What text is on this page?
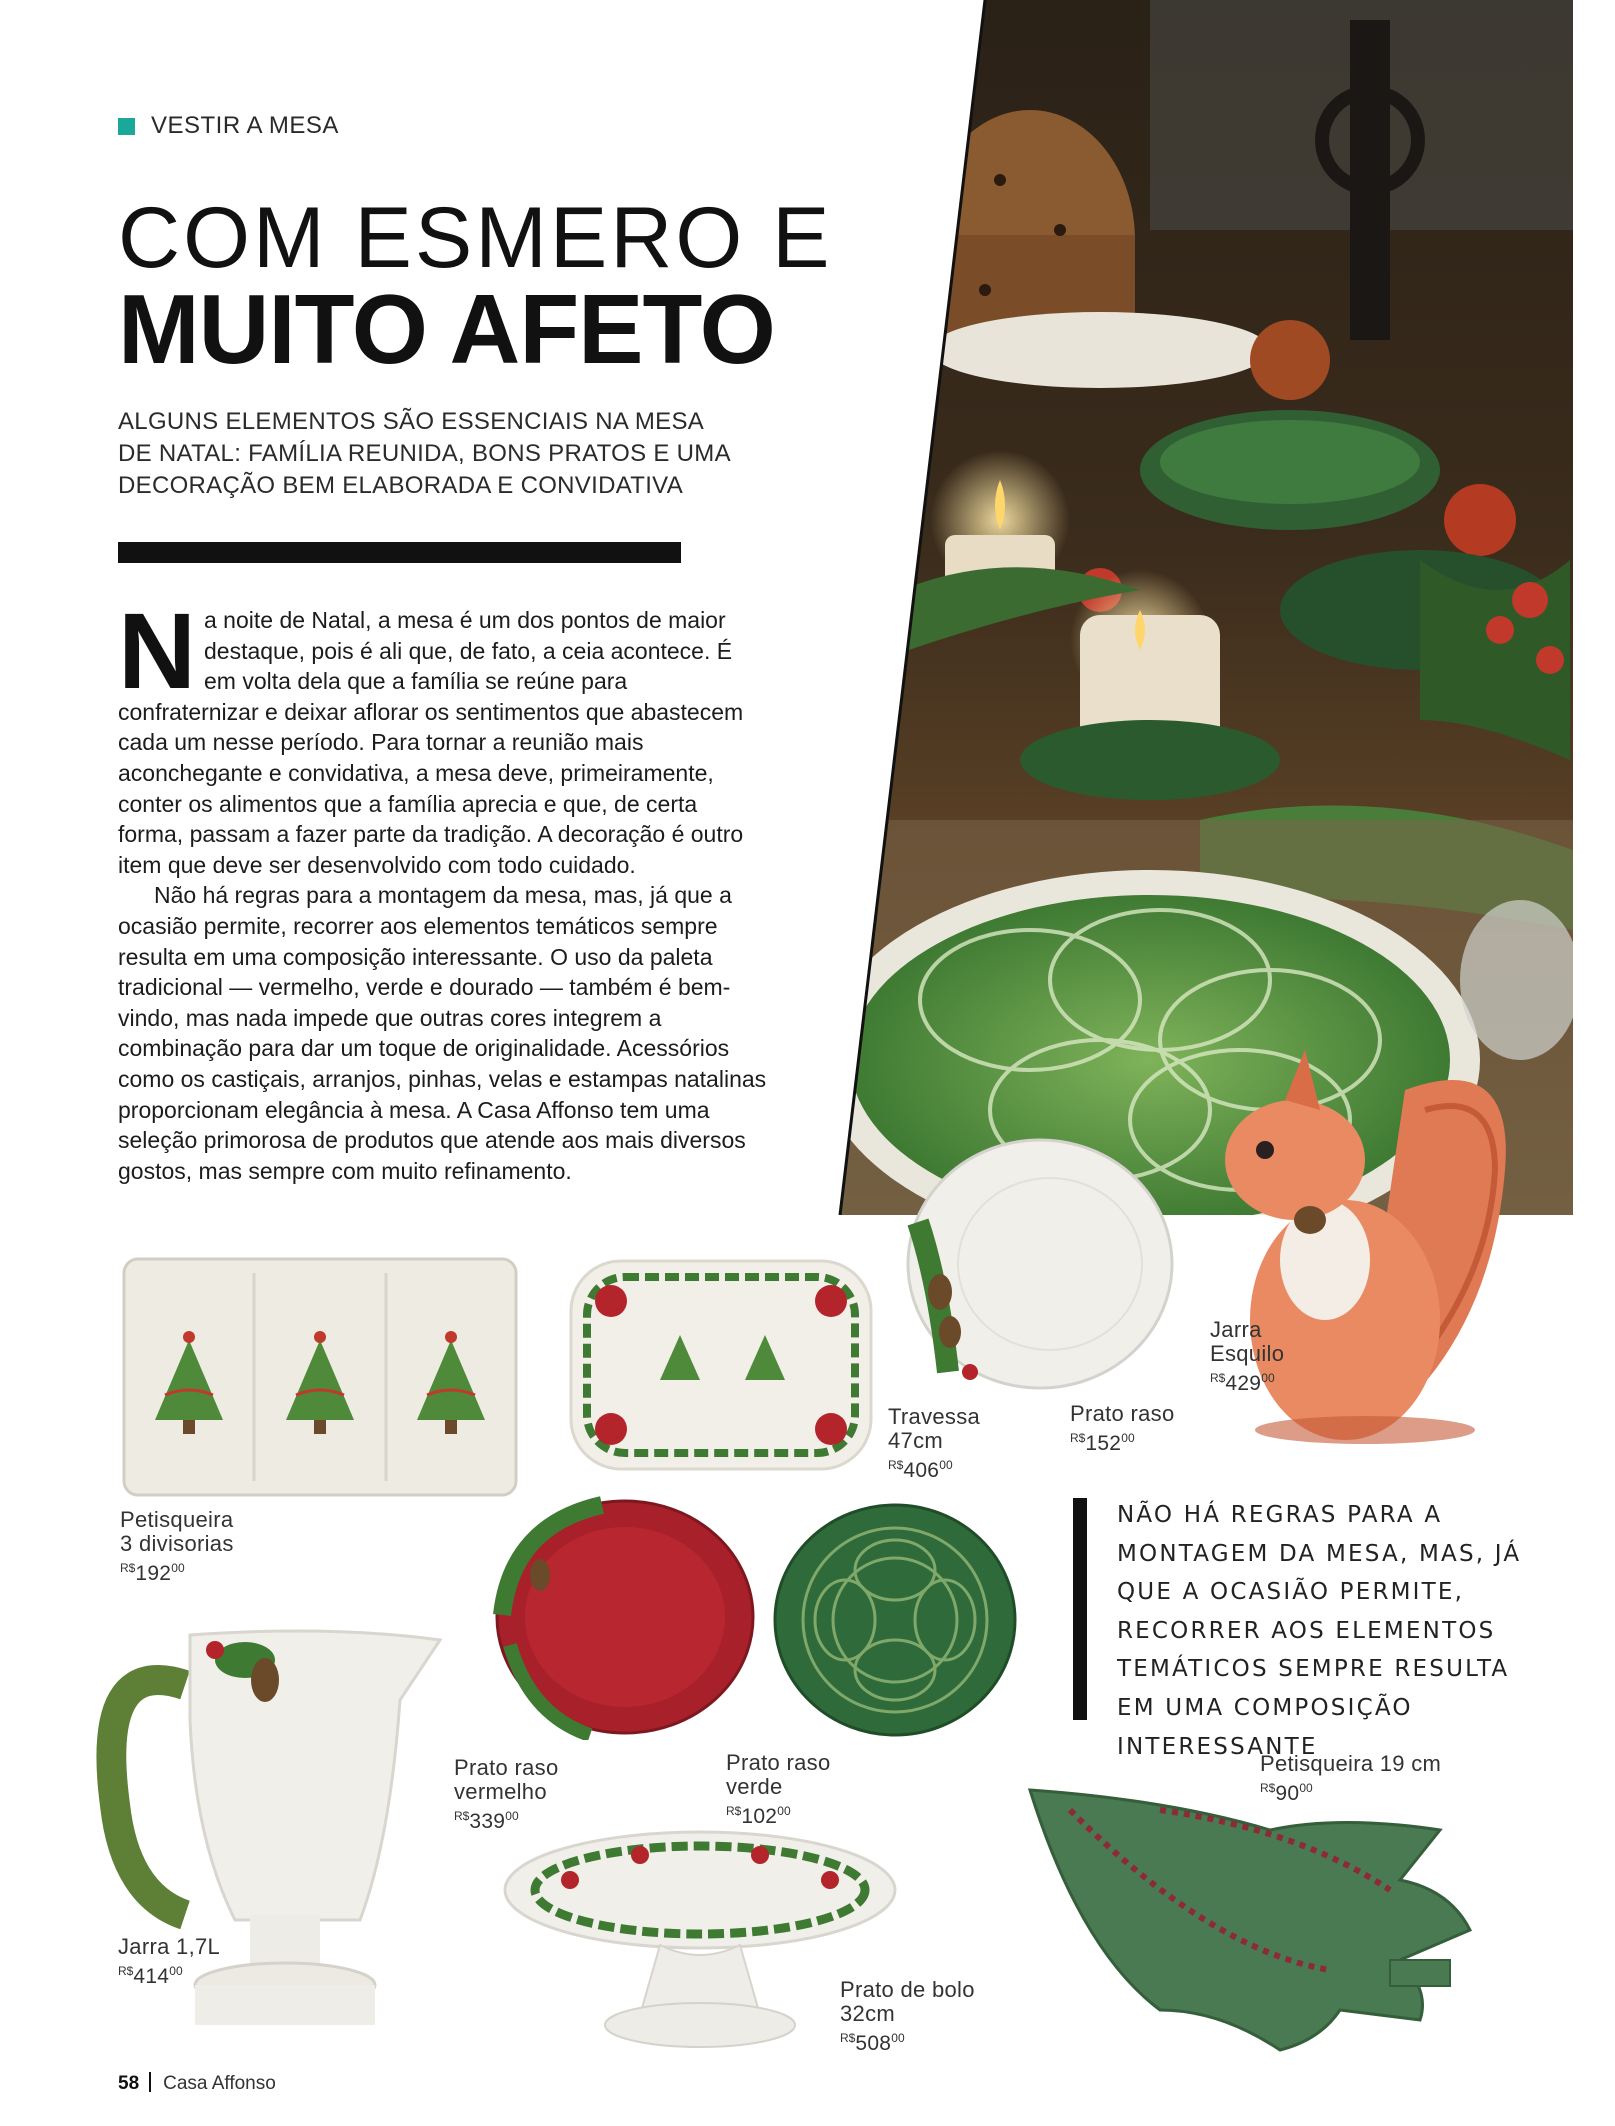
VESTIR A MESA
COM ESMERO E
MUITO AFETO
ALGUNS ELEMENTOS SÃO ESSENCIAIS NA MESA DE NATAL: FAMÍLIA REUNIDA, BONS PRATOS E UMA DECORAÇÃO BEM ELABORADA E CONVIDATIVA

Na noite de Natal, a mesa é um dos pontos de maior destaque, pois é ali que, de fato, a ceia acontece. É em volta dela que a família se reúne para confraternizar e deixar aflorar os sentimentos que abastecem cada um nesse período. Para tornar a reunião mais aconchegante e convidativa, a mesa deve, primeiramente, conter os alimentos que a família aprecia e que, de certa forma, passam a fazer parte da tradição. A decoração é outro item que deve ser desenvolvido com todo cuidado.

Não há regras para a montagem da mesa, mas, já que a ocasião permite, recorrer aos elementos temáticos sempre resulta em uma composição interessante. O uso da paleta tradicional — vermelho, verde e dourado — também é bem-vindo, mas nada impede que outras cores integrem a combinação para dar um toque de originalidade. Acessórios como os castiçais, arranjos, pinhas, velas e estampas natalinas proporcionam elegância à mesa. A Casa Affonso tem uma seleção primorosa de produtos que atende aos mais diversos gostos, mas sempre com muito refinamento.

NÃO HÁ REGRAS PARA A MONTAGEM DA MESA, MAS, JÁ QUE A OCASIÃO PERMITE, RECORRER AOS ELEMENTOS TEMÁTICOS SEMPRE RESULTA EM UMA COMPOSIÇÃO INTERESSANTE
Petisqueira
3 divisorias
$^{R\$}192^{00}$
Travessa
47cm
$^{R\$}406^{00}$
Prato raso
$^{R\$}152^{00}$
Jarra
Esquilo
$^{R\$}429^{00}$
Prato raso
vermelho
$^{R\$}339^{00}$
Prato raso
verde
$^{R\$}102^{00}$
Petisqueira 19 cm
$^{R\$}90^{00}$
Jarra 1,7L
$^{R\$}414^{00}$
Prato de bolo
32cm
$^{R\$}508^{00}$
58 Casa Affonso
